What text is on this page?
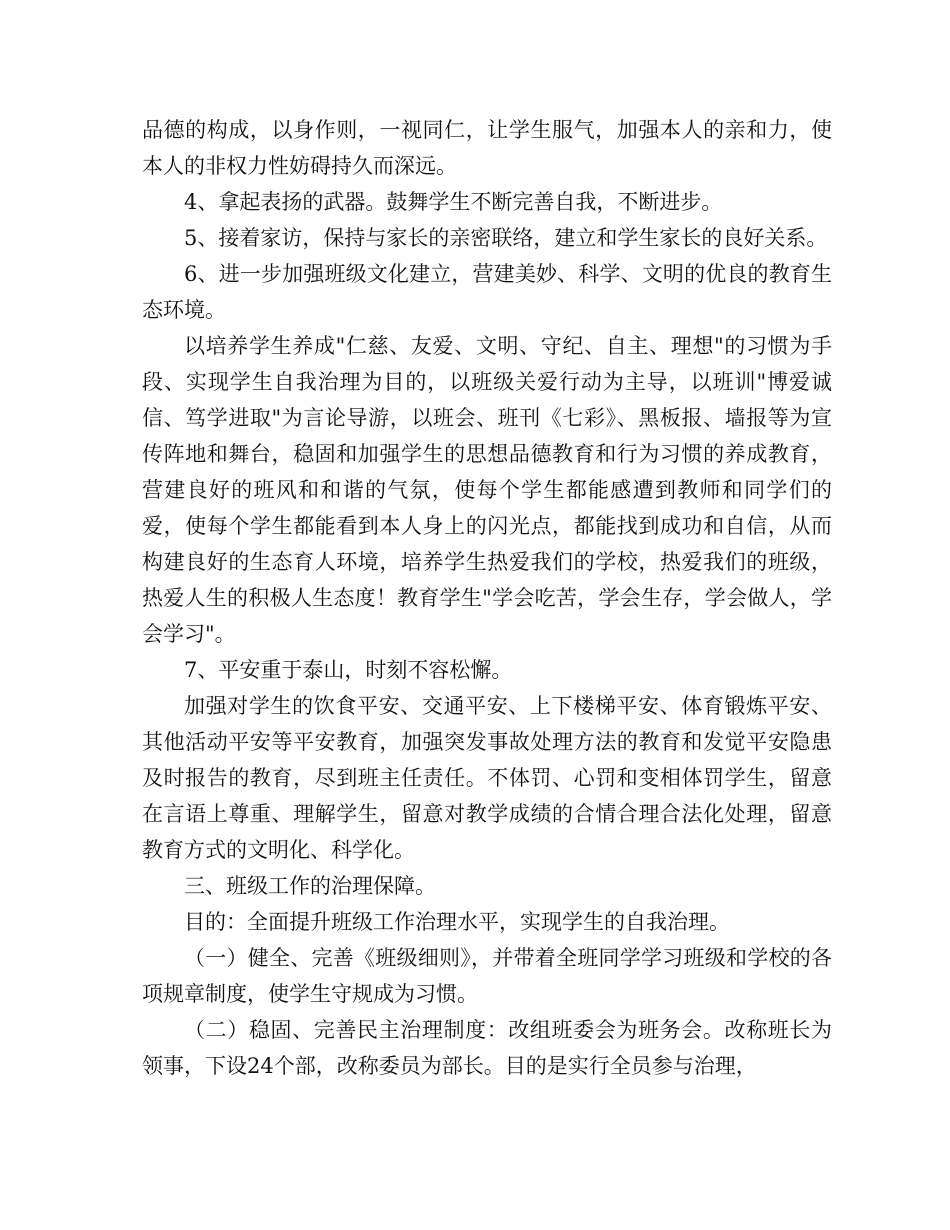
品德的构成，以身作则，一视同仁，让学生服气，加强本人的亲和力，使本人的非权力性妨碍持久而深远。

4、拿起表扬的武器。鼓舞学生不断完善自我，不断进步。

5、接着家访，保持与家长的亲密联络，建立和学生家长的良好关系。

6、进一步加强班级文化建立，营建美妙、科学、文明的优良的教育生态环境。

以培养学生养成"仁慈、友爱、文明、守纪、自主、理想"的习惯为手段、实现学生自我治理为目的，以班级关爱行动为主导，以班训"博爱诚信、笃学进取"为言论导游，以班会、班刊《七彩》、黑板报、墙报等为宣传阵地和舞台，稳固和加强学生的思想品德教育和行为习惯的养成教育，营建良好的班风和和谐的气氛，使每个学生都能感遭到教师和同学们的爱，使每个学生都能看到本人身上的闪光点，都能找到成功和自信，从而构建良好的生态育人环境，培养学生热爱我们的学校，热爱我们的班级，热爱人生的积极人生态度！教育学生"学会吃苦，学会生存，学会做人，学会学习"。

7、平安重于泰山，时刻不容松懈。

加强对学生的饮食平安、交通平安、上下楼梯平安、体育锻炼平安、其他活动平安等平安教育，加强突发事故处理方法的教育和发觉平安隐患及时报告的教育，尽到班主任责任。不体罚、心罚和变相体罚学生，留意在言语上尊重、理解学生，留意对教学成绩的合情合理合法化处理，留意教育方式的文明化、科学化。

三、班级工作的治理保障。

目的：全面提升班级工作治理水平，实现学生的自我治理。

（一）健全、完善《班级细则》，并带着全班同学学习班级和学校的各项规章制度，使学生守规成为习惯。

（二）稳固、完善民主治理制度：改组班委会为班务会。改称班长为领事，下设24个部，改称委员为部长。目的是实行全员参与治理，
